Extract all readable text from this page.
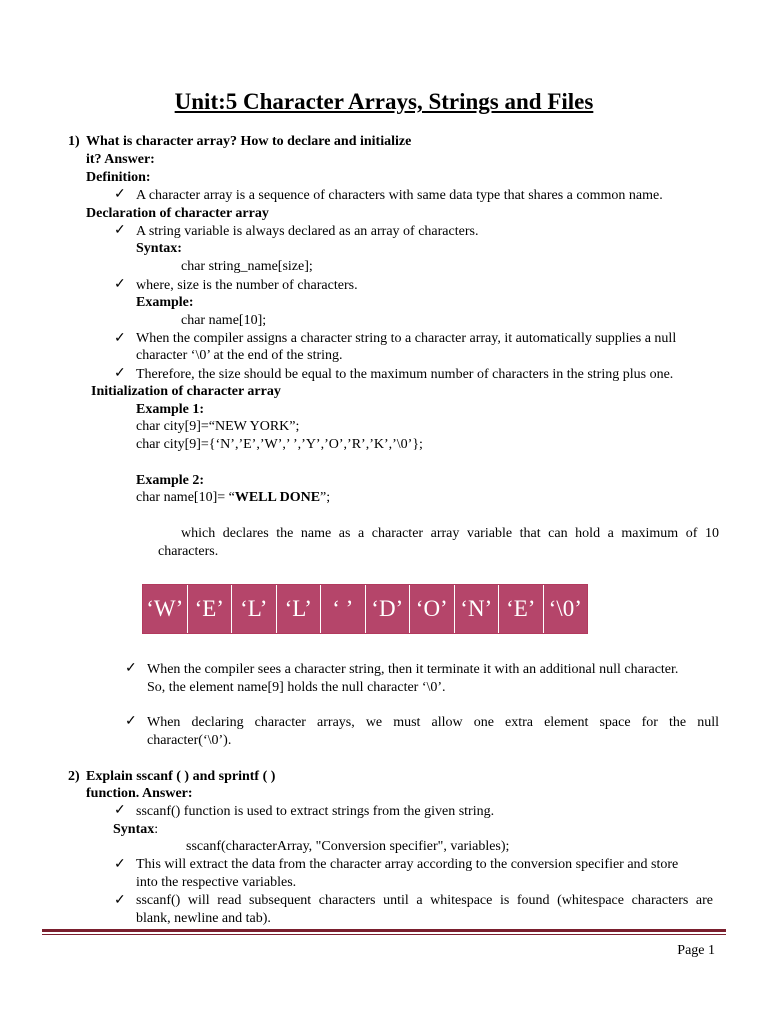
Unit:5 Character Arrays, Strings and Files
1) What is character array? How to declare and initialize
it? Answer:
Definition:
✓ A character array is a sequence of characters with same data type that shares a common name.
Declaration of character array
✓ A string variable is always declared as an array of characters.
Syntax:
char string_name[size];
✓ where, size is the number of characters.
Example:
char name[10];
✓ When the compiler assigns a character string to a character array, it automatically supplies a null
character ‘\0’ at the end of the string.
✓ Therefore, the size should be equal to the maximum number of characters in the string plus one.
Initialization of character array
Example 1:
char city[9]=“NEW YORK”;
char city[9]={‘N’,’E’,’W’,’ ’,’Y’,’O’,’R’,’K’,’\0’};
Example 2:
char name[10]= “WELL DONE”;
which declares the name as a character array variable that can hold a maximum of 10
characters.
‘W’ ‘E’ ‘L’ ‘L’ ‘ ’ ‘D’ ‘O’ ‘N’ ‘E’ ‘\0’
✓ When the compiler sees a character string, then it terminate it with an additional null character.
So, the element name[9] holds the null character ‘\0’.
✓ When declaring character arrays, we must allow one extra element space for the null
character(‘\0’).
2) Explain sscanf ( ) and sprintf ( )
function. Answer:
✓ sscanf() function is used to extract strings from the given string.
Syntax:
sscanf(characterArray, "Conversion specifier", variables);
✓ This will extract the data from the character array according to the conversion specifier and store
into the respective variables.
✓ sscanf() will read subsequent characters until a whitespace is found (whitespace characters are
blank, newline and tab).
Page 1
